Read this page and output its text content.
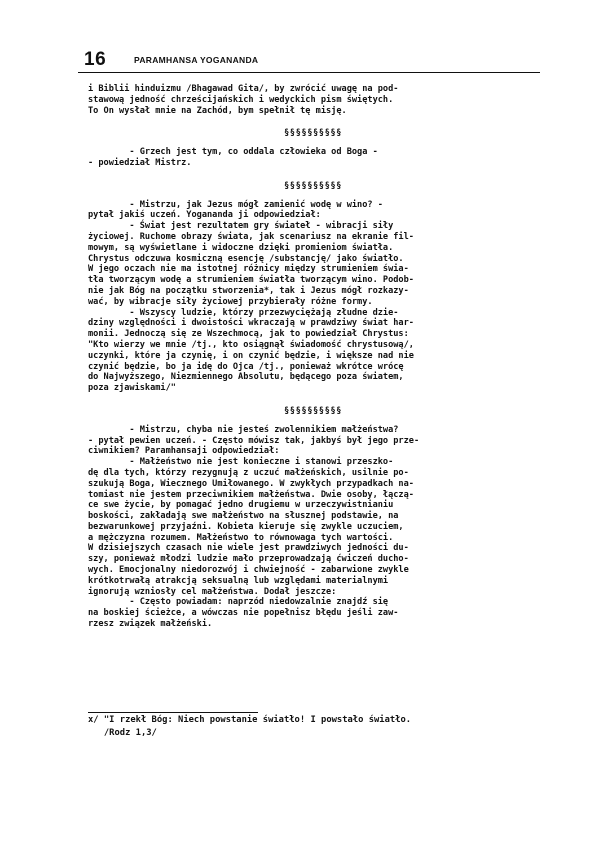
16	PARAMHANSA YOGANANDA
i Biblii hinduizmu /Bhagawad Gita/, by zwrócić uwagę na pod-
stawową jedność chrześcijańskich i wedyckich pism świętych.
To On wysłał mnie na Zachód, bym spełnił tę misję.
§§§§§§§§§§
- Grzech jest tym, co oddala człowieka od Boga -
- powiedział Mistrz.
§§§§§§§§§§
- Mistrzu, jak Jezus mógł zamienić wodę w wino? -
pytał jakiś uczeń. Yogananda ji odpowiedział:
- Świat jest rezultatem gry świateł - wibracji siły
życiowej. Ruchome obrazy świata, jak scenariusz na ekranie fil-
mowym, są wyświetlane i widoczne dzięki promieniom światła.
Chrystus odczuwa kosmiczną esencję /substancję/ jako światło.
W jego oczach nie ma istotnej różnicy między strumieniem świa-
tła tworzącym wodę a strumieniem światła tworzącym wino. Podob-
nie jak Bóg na początku stworzenia*, tak i Jezus mógł rozkazy-
wać, by wibracje siły życiowej przybierały różne formy.
- Wszyscy ludzie, którzy przezwyciężają złudne dzie-
dziny względności i dwoistości wkraczają w prawdziwy świat har-
monii. Jednoczą się ze Wszechmocą, jak to powiedział Chrystus:
"Kto wierzy we mnie /tj., kto osiągnął świadomość chrystusową/,
uczynki, które ja czynię, i on czynić będzie, i większe nad nie
czynić będzie, bo ja idę do Ojca /tj., ponieważ wkrótce wrócę
do Najwyższego, Niezmiennego Absolutu, będącego poza światem,
poza zjawiskami/"
§§§§§§§§§§
- Mistrzu, chyba nie jesteś zwolennikiem małżeństwa?
- pytał pewien uczeń. - Często mówisz tak, jakbyś był jego prze-
ciwnikiem? Paramhansaji odpowiedział:
- Małżeństwo nie jest konieczne i stanowi przeszko-
dę dla tych, którzy rezygnują z uczuć małżeńskich, usilnie po-
szukują Boga, Wiecznego Umiłowanego. W zwykłych przypadkach na-
tomiast nie jestem przeciwnikiem małżeństwa. Dwie osoby, łączą-
ce swe życie, by pomagać jedno drugiemu w urzeczywistnianiu
boskości, zakładają swe małżeństwo na słusznej podstawie, na
bezwarunkowej przyjaźni. Kobieta kieruje się zwykle uczuciem,
a mężczyzna rozumem. Małżeństwo to równowaga tych wartości.
W dzisiejszych czasach nie wiele jest prawdziwych jedności du-
szy, ponieważ młodzi ludzie mało przeprowadzają ćwiczeń ducho-
wych. Emocjonalny niedorozwój i chwiejność - zabarwione zwykle
krótkotrwałą atrakcją seksualną lub względami materialnymi
ignorują wzniosły cel małżeństwa. Dodał jeszcze:
- Często powiadam: naprzód niedowzalnie znajdź się
na boskiej ścieżce, a wówczas nie popełnisz błędu jeśli zaw-
rzesz związek małżeński.
x/ "I rzekł Bóg: Niech powstanie światło! I powstało światło.
/Rodz 1,3/
